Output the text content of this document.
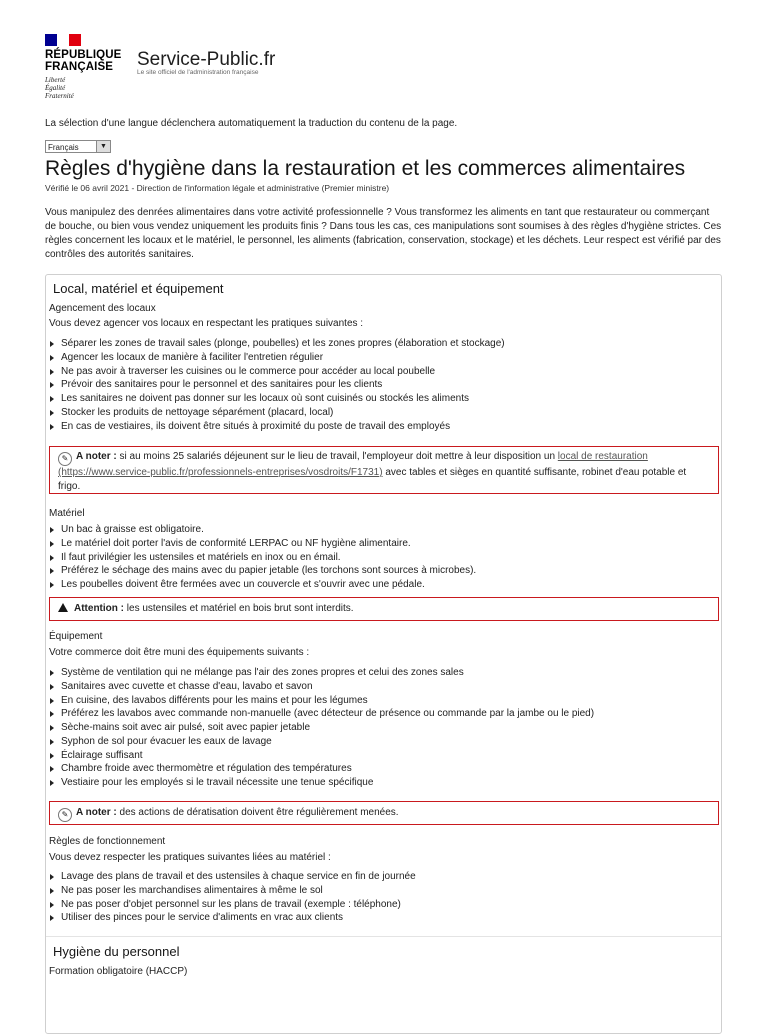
RÉPUBLIQUE
FRANÇAISE
Liberté
Égalité
Fraternité
Service-Public.fr
Le site officiel de l'administration française
La sélection d'une langue déclenchera automatiquement la traduction du contenu de la page.
Français	▼
Règles d'hygiène dans la restauration et les commerces alimentaires
Vérifié le 06 avril 2021 - Direction de l'information légale et administrative (Premier ministre)
Vous manipulez des denrées alimentaires dans votre activité professionnelle ? Vous transformez les aliments en tant que restaurateur ou commerçant de bouche, ou bien vous vendez uniquement les produits finis ? Dans tous les cas, ces manipulations sont soumises à des règles d'hygiène strictes. Ces règles concernent les locaux et le matériel, le personnel, les aliments (fabrication, conservation, stockage) et les déchets. Leur respect est vérifié par des contrôles des autorités sanitaires.
Local, matériel et équipement
Agencement des locaux
Vous devez agencer vos locaux en respectant les pratiques suivantes :
Séparer les zones de travail sales (plonge, poubelles) et les zones propres (élaboration et stockage)
Agencer les locaux de manière à faciliter l'entretien régulier
Ne pas avoir à traverser les cuisines ou le commerce pour accéder au local poubelle
Prévoir des sanitaires pour le personnel et des sanitaires pour les clients
Les sanitaires ne doivent pas donner sur les locaux où sont cuisinés ou stockés les aliments
Stocker les produits de nettoyage séparément (placard, local)
En cas de vestiaires, ils doivent être situés à proximité du poste de travail des employés
✎ A noter : si au moins 25 salariés déjeunent sur le lieu de travail, l'employeur doit mettre à leur disposition un local de restauration (https://www.service-public.fr/professionnels-entreprises/vosdroits/F1731) avec tables et sièges en quantité suffisante, robinet d'eau potable et frigo.
Matériel
Un bac à graisse est obligatoire.
Le matériel doit porter l'avis de conformité LERPAC ou NF hygiène alimentaire.
Il faut privilégier les ustensiles et matériels en inox ou en émail.
Préférez le séchage des mains avec du papier jetable (les torchons sont sources à microbes).
Les poubelles doivent être fermées avec un couvercle et s'ouvrir avec une pédale.
Attention : les ustensiles et matériel en bois brut sont interdits.
Équipement
Votre commerce doit être muni des équipements suivants :
Système de ventilation qui ne mélange pas l'air des zones propres et celui des zones sales
Sanitaires avec cuvette et chasse d'eau, lavabo et savon
En cuisine, des lavabos différents pour les mains et pour les légumes
Préférez les lavabos avec commande non-manuelle (avec détecteur de présence ou commande par la jambe ou le pied)
Sèche-mains soit avec air pulsé, soit avec papier jetable
Syphon de sol pour évacuer les eaux de lavage
Éclairage suffisant
Chambre froide avec thermomètre et régulation des températures
Vestiaire pour les employés si le travail nécessite une tenue spécifique
✎ A noter : des actions de dératisation doivent être régulièrement menées.
Règles de fonctionnement
Vous devez respecter les pratiques suivantes liées au matériel :
Lavage des plans de travail et des ustensiles à chaque service en fin de journée
Ne pas poser les marchandises alimentaires à même le sol
Ne pas poser d'objet personnel sur les plans de travail (exemple : téléphone)
Utiliser des pinces pour le service d'aliments en vrac aux clients
Hygiène du personnel
Formation obligatoire (HACCP)
